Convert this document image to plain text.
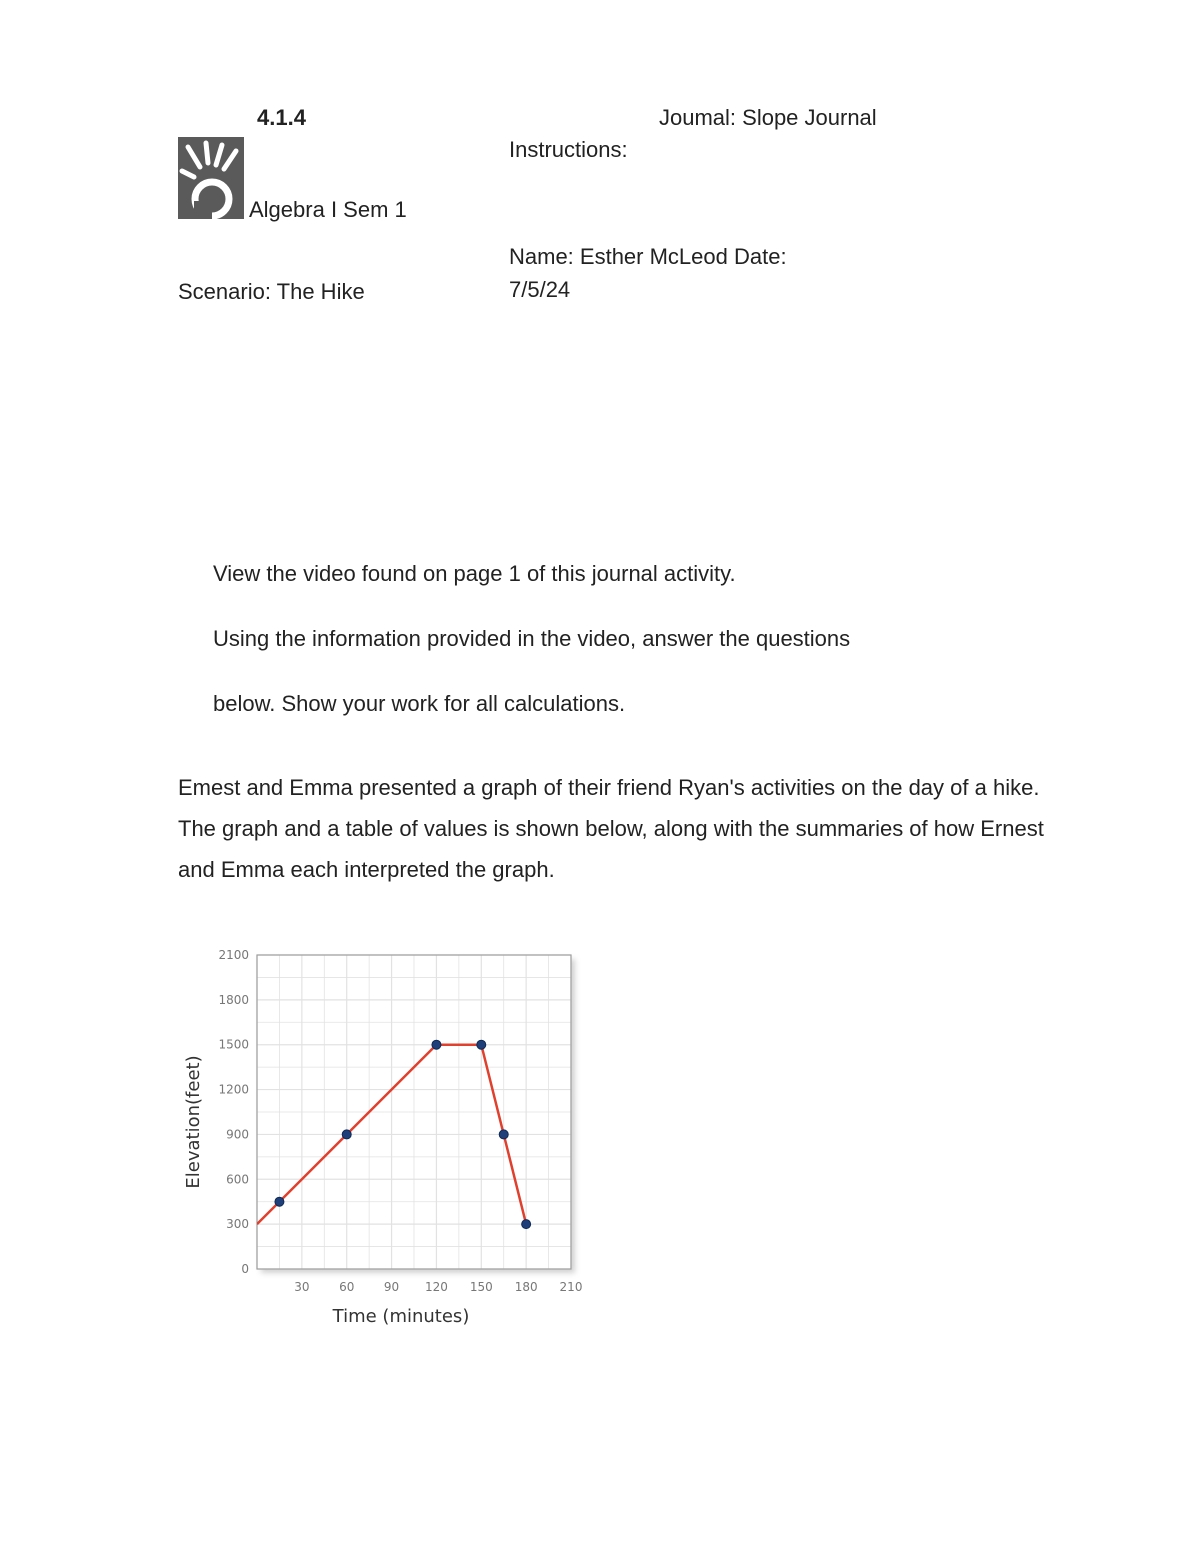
4.1.4	Joumal: Slope Journal
Instructions:
Algebra I Sem 1
Name: Esther McLeod Date:
7/5/24
Scenario: The Hike
View the video found on page 1 of this journal activity.
Using the information provided in the video, answer the questions
below. Show your work for all calculations.
Emest and Emma presented a graph of their friend Ryan's activities on the day of a hike. The graph and a table of values is shown below, along with the summaries of how Ernest and Emma each interpreted the graph.
0
300
600
900
1200
1500
1800
2100
30 60 90 120 150 180 210
Time (minutes)
Elevation(feet)
